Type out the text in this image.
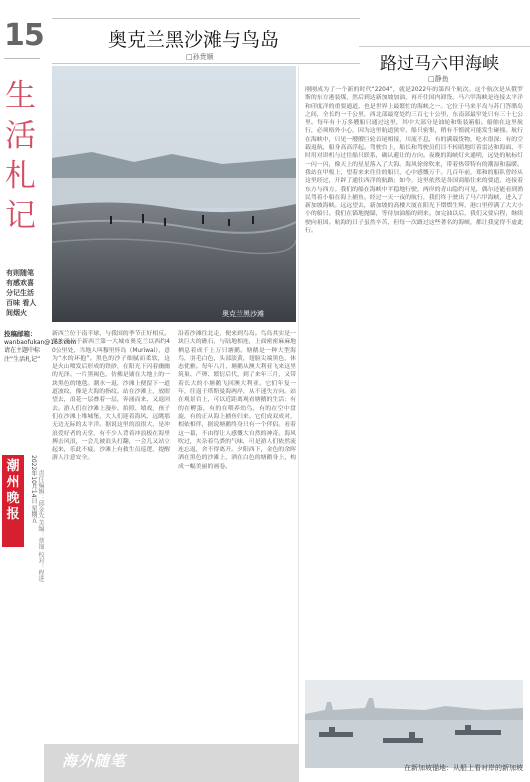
15
生活札记
有则随笔 有感欢喜 分记生活百味 看人间烟火
投稿邮箱：
wanbaofukan@163.com
请在主题中标注“生活札记”
潮州晚报	2022年10月14日 星期五 责任编辑：邱金先 美编：蔡钿 校对：程进
奥克兰黑沙滩与鸟岛
□孙贵顺
奥克兰黑沙滩
新西兰位于南半球，与我国的季节正好相反。黑沙滩位于新西兰第一大城市奥克兰以西约40公里处，当地人叫穆里怀岛（Muriwai），意为“水的环抱”。黑色的沙子细腻而柔软，这是火山喷发后形成的铁砂，在阳光下闪着幽幽的光泽。一片黑褐色，仿佛是铺在大地上的一块黑色的地毯。潮水一退，沙滩上便留下一道道波纹，像是大海的指纹。站在沙滩上，放眼望去，浪花一层叠着一层，奔涌而来，又退回去。游人们在沙滩上漫步、拍照、嬉戏，孩子们在沙滩上堆城堡，大人们迎着海风，远眺那无边无际的太平洋。据说这里的浪很大，是冲浪爱好者的天堂，有不少人背着冲浪板在海里搏击风浪，一会儿被浪头打翻，一会儿又站立起来，乐此不疲。沙滩上有救生员巡逻，提醒游人注意安全。
沿着沙滩往北走，便来到鸟岛。鸟岛其实是一块巨大的礁石，与陆地相连，上面密密麻麻地栖息着成千上万只塘鹅。塘鹅是一种大型海鸟，羽毛白色，头部淡黄，翅膀尖端黑色，体态优雅。每年八月，塘鹅从澳大利亚飞来这里筑巢、产卵、繁衍后代，到了来年三月，又带着长大的小塘鹅飞回澳大利亚。它们年复一年，往返于塔斯曼海两岸，从不迷失方向。站在观景台上，可以近距离观看塘鹅的生活：有的在孵蛋，有的在喂养幼鸟，有的在空中盘旋，有的正从海上捕鱼归来。它们成双成对，相依相伴，据说塘鹅终身只有一个伴侣。看着这一幕，不由得让人感慨大自然的神奇。海风吹过，夹杂着鸟粪的气味，可是游人们依然流连忘返，舍不得离开。夕阳西下，金色的余晖洒在黑色的沙滩上，洒在白色的塘鹅身上，构成一幅美丽的画卷。
路过马六甲海峡
□静鱼
刚刚成为了一个新的时代“2204”，就是2022年的第四个航次。这个航次是从俄罗斯的东方港装煤，然后到达新加坡加油，再开往国内卸货。马六甲海峡是连接太平洋和印度洋的重要通道，也是世界上最繁忙的海峡之一。它位于马来半岛与苏门答腊岛之间，全长约一千公里，西北部最宽处约三百七十公里，东南部最窄处只有三十七公里。每年有十万多艘船只通过这里，其中大部分是油轮和集装箱船。船舶在这里航行，必须格外小心，因为这里航道狭窄，船只密集，稍有不慎就可能发生碰撞。航行在海峡中，只见一艘艘巨轮首尾相接，川流不息，有的满载货物，吃水很深；有的空载返航，船身高高浮起。驾驶台上，船长和驾驶员们目不转睛地盯着雷达和海面，不时用对讲机与过往船只联系，确认避让的方向。夜晚的海峡灯火通明，远处的航标灯一闪一闪，像天上的星星落入了大海。海风徐徐吹来，带着热带特有的潮湿和温暖。我站在甲板上，望着来来往往的船只，心中感慨万千。几百年前，郑和的船队曾经从这里经过，开辟了通往西洋的航路；如今，这里依然是各国商船往来的要道，连接着东方与西方。我们的船在海峡中平稳地行驶，两岸的青山隐约可见，偶尔还能看到渔民驾着小船在海上捕鱼。经过一天一夜的航行，我们终于驶出了马六甲海峡，进入了新加坡海峡。远远望去，新加坡的高楼大厦在阳光下熠熠生辉，港口里停满了大大小小的船只。我们在锚地抛锚，等待加油船的到来。加完油以后，我们又要启程，继续驶向祖国。航海的日子虽然辛苦，但每一次路过这些著名的海峡，都让我觉得不虚此行。
在新加坡锚地：从船上看对岸的新加坡
海外随笔
